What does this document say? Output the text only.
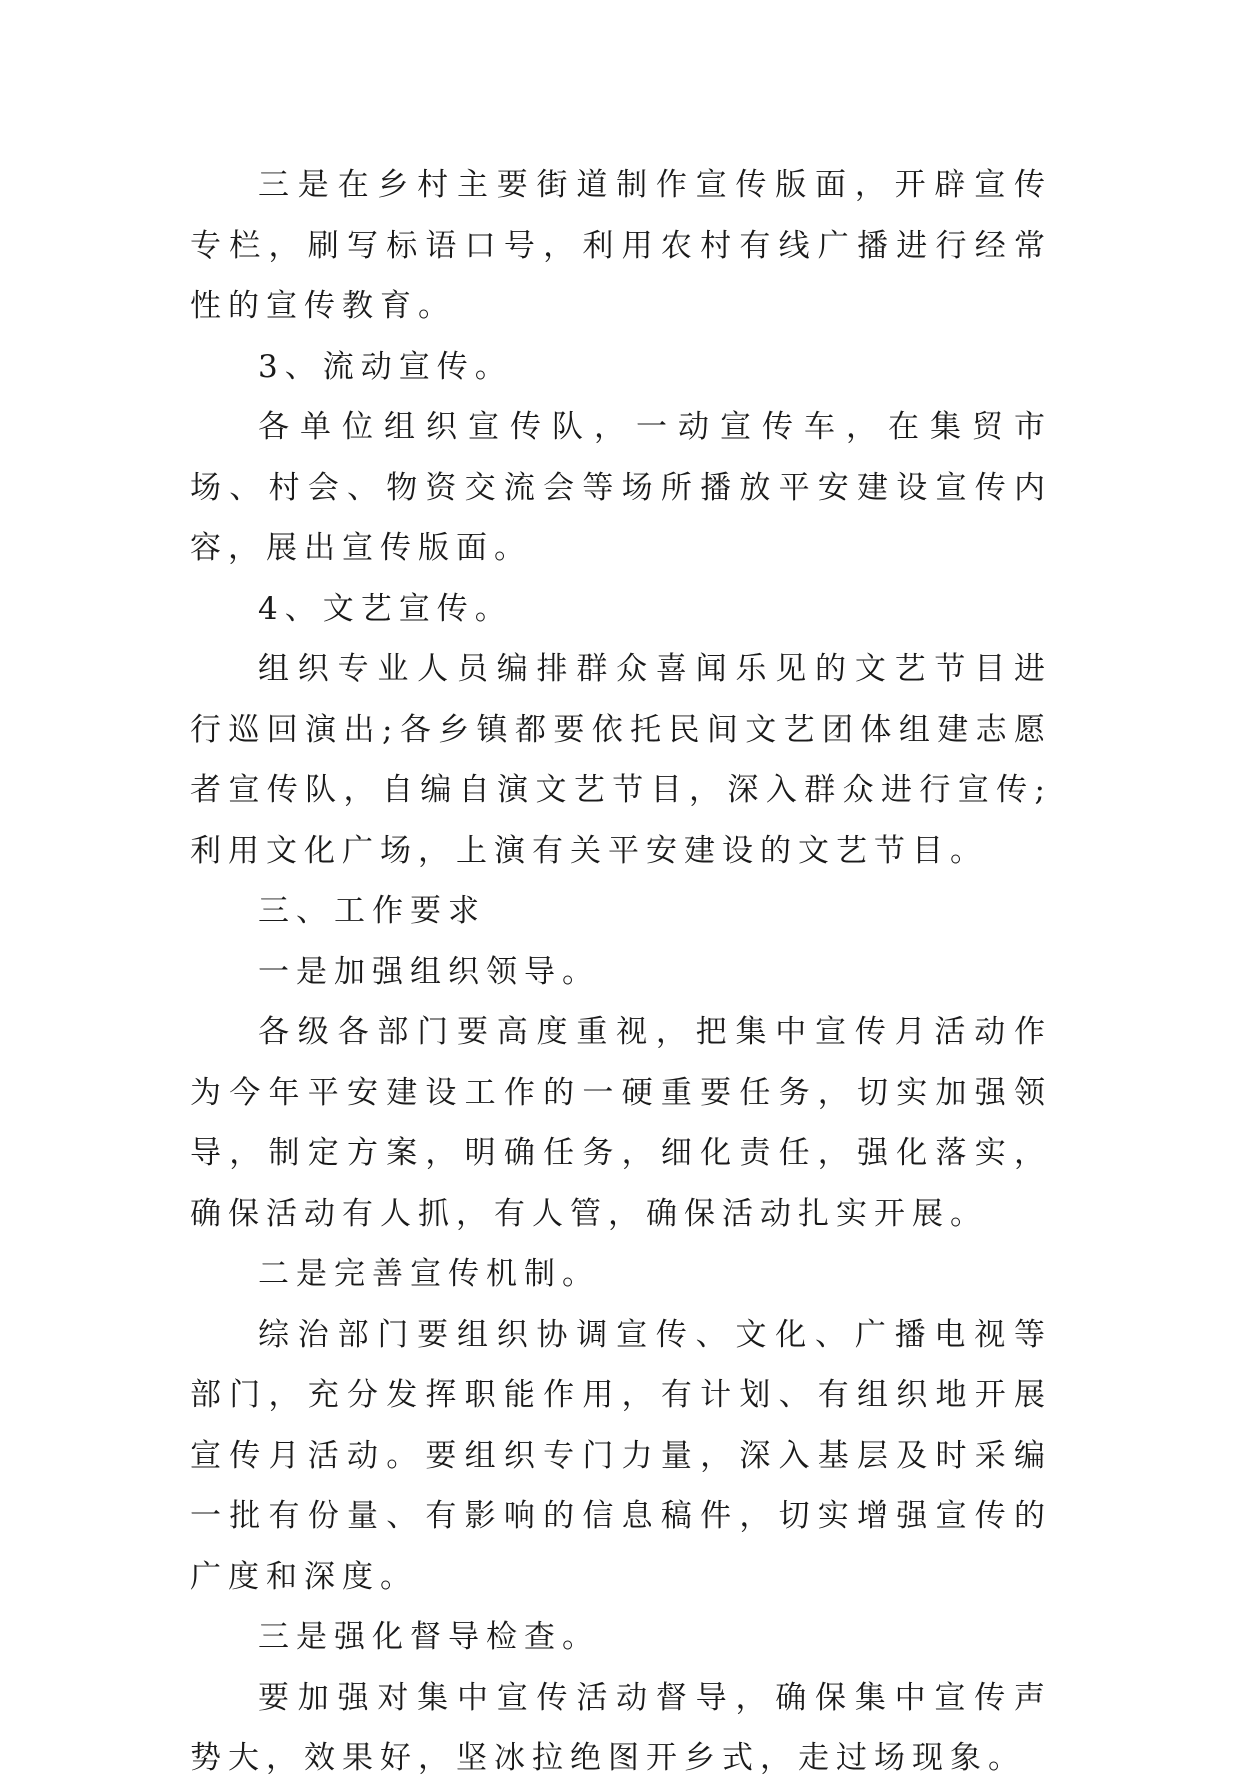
三是在乡村主要街道制作宣传版面，开辟宣传专栏，刷写标语口号，利用农村有线广播进行经常性的宣传教育。

3、流动宣传。

各单位组织宣传队，一动宣传车，在集贸市场、村会、物资交流会等场所播放平安建设宣传内容，展出宣传版面。

4、文艺宣传。

组织专业人员编排群众喜闻乐见的文艺节目进行巡回演出;各乡镇都要依托民间文艺团体组建志愿者宣传队，自编自演文艺节目，深入群众进行宣传;利用文化广场，上演有关平安建设的文艺节目。

三、工作要求

一是加强组织领导。

各级各部门要高度重视，把集中宣传月活动作为今年平安建设工作的一硬重要任务，切实加强领导，制定方案，明确任务，细化责任，强化落实，确保活动有人抓，有人管，确保活动扎实开展。

二是完善宣传机制。

综治部门要组织协调宣传、文化、广播电视等部门，充分发挥职能作用，有计划、有组织地开展宣传月活动。要组织专门力量，深入基层及时采编一批有份量、有影响的信息稿件，切实增强宣传的广度和深度。

三是强化督导检查。

要加强对集中宣传活动督导，确保集中宣传声势大，效果好，坚冰拉绝图开乡式，走过场现象。
